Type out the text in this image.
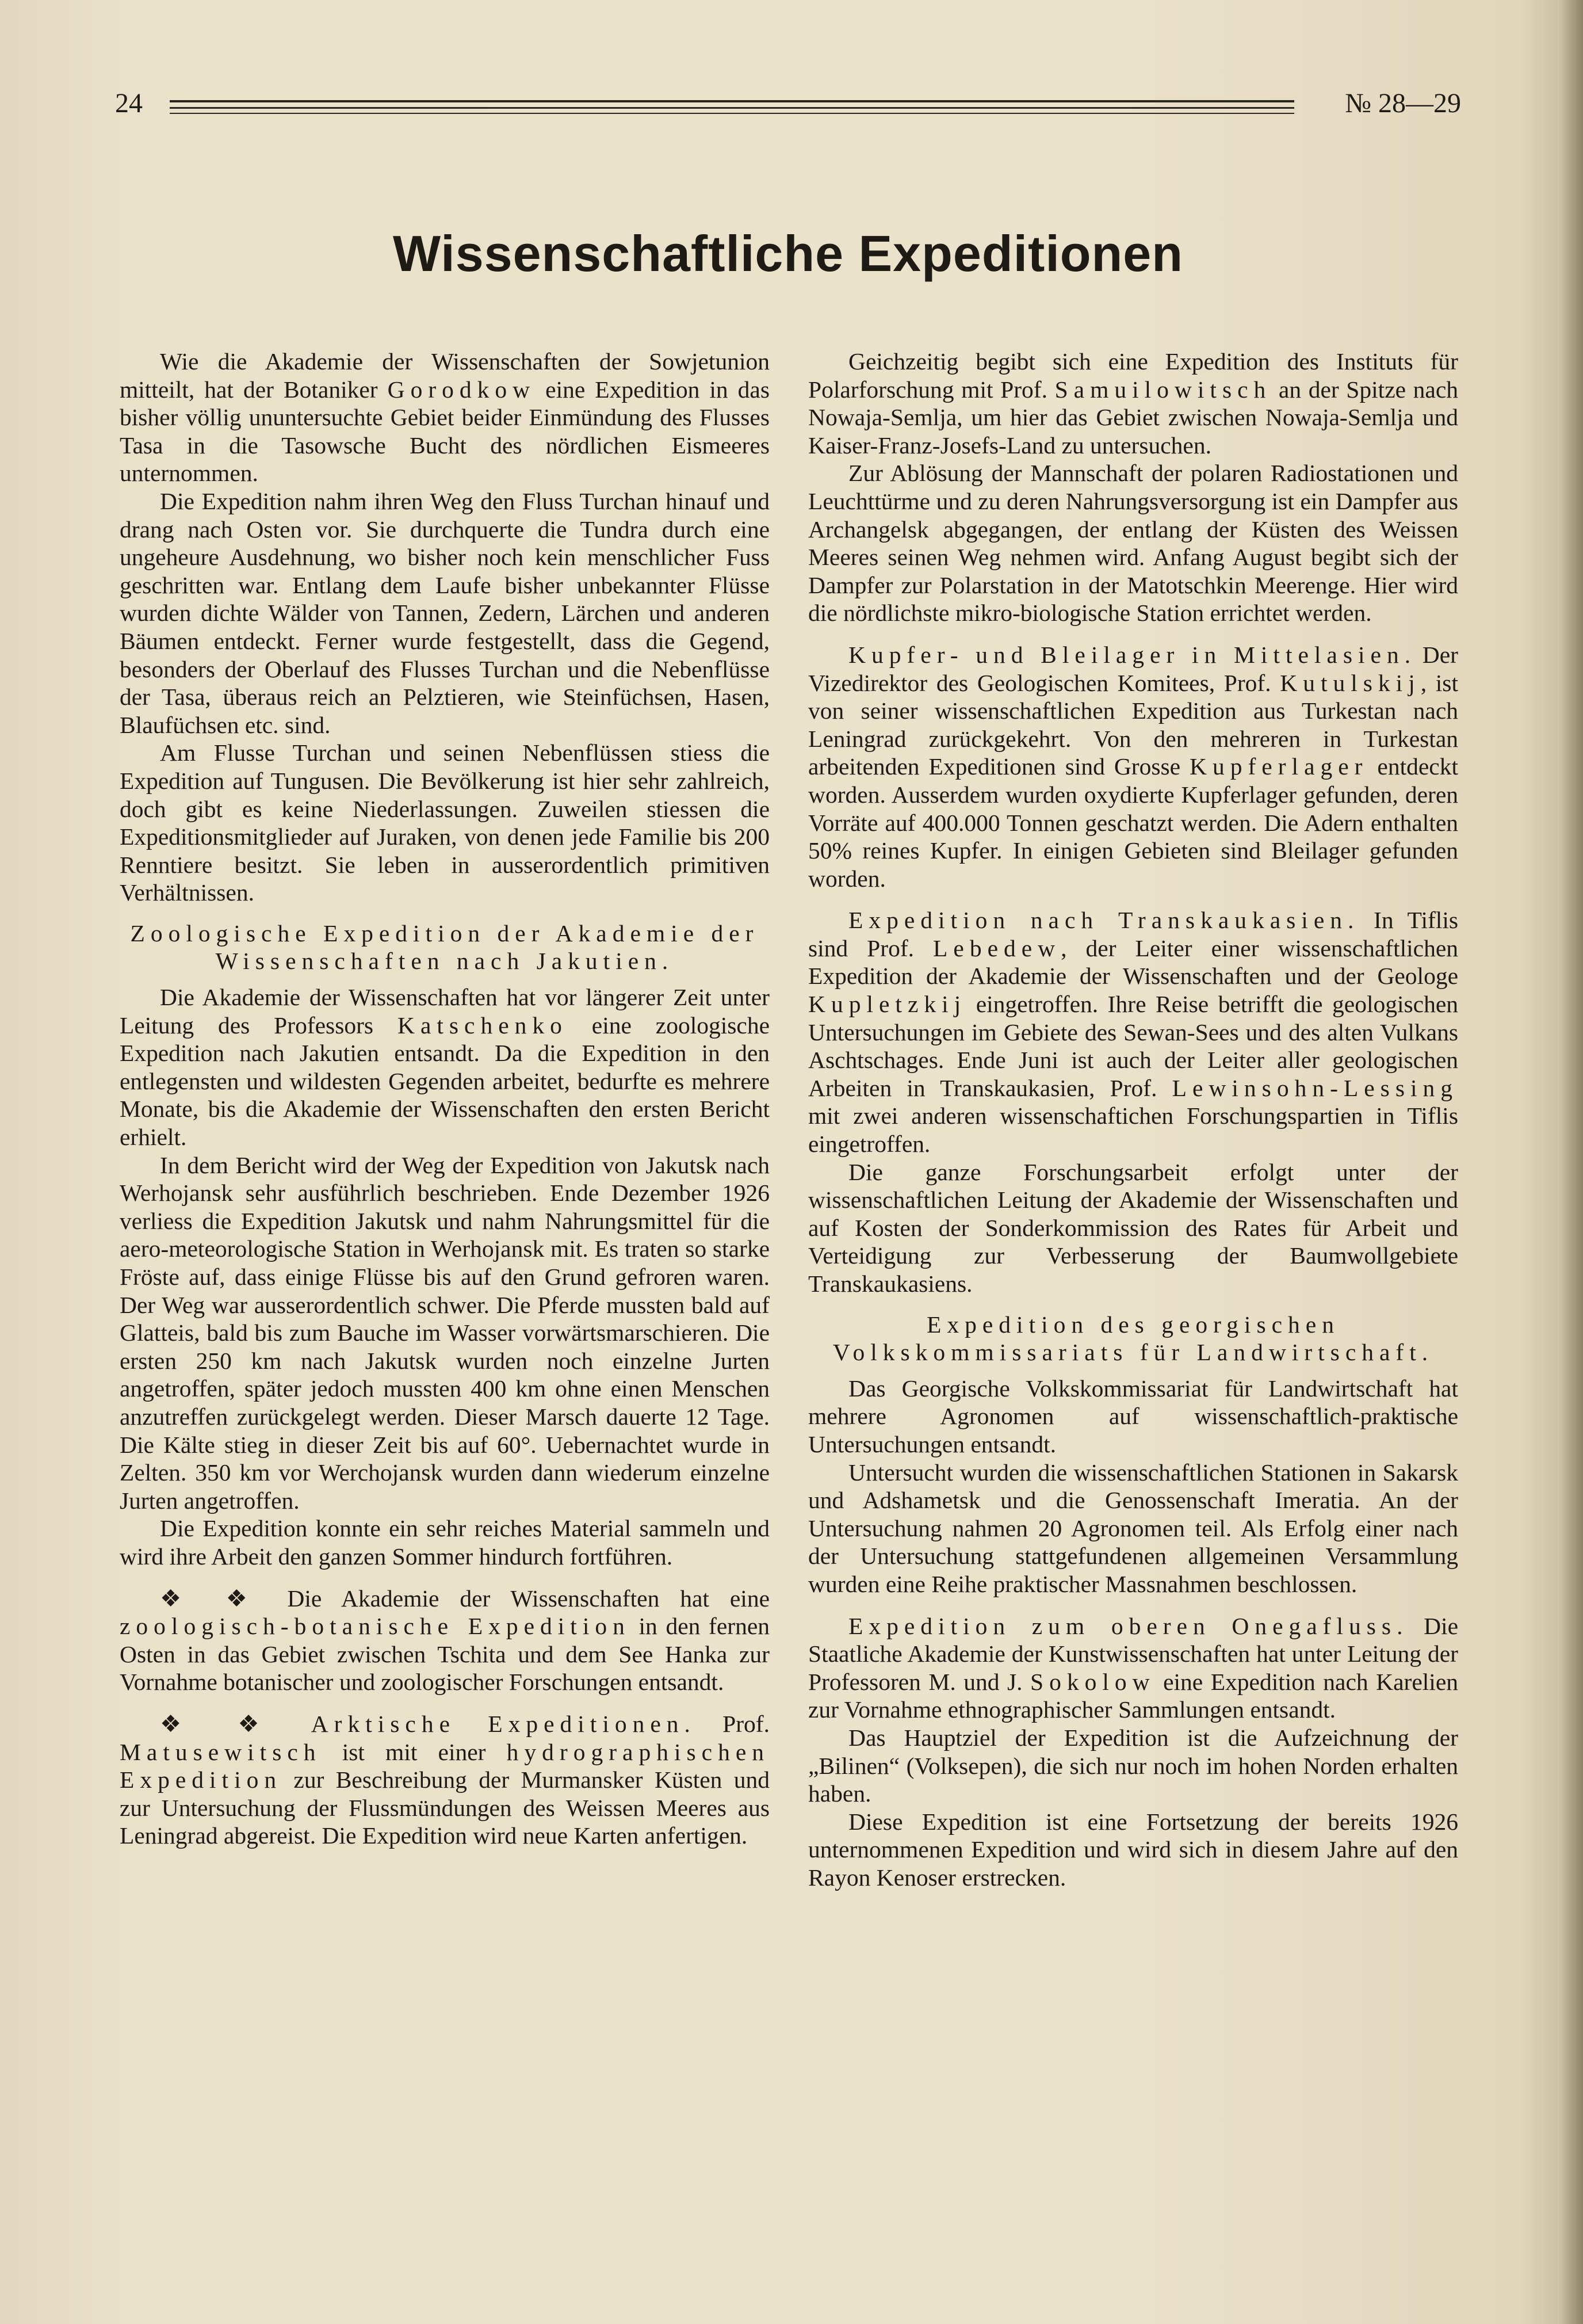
24	№ 28—29
Wissenschaftliche Expeditionen

Wie die Akademie der Wissenschaften der Sowjetunion mitteilt, hat der Botaniker Gorodkow eine Expedition in das bisher völlig ununtersuchte Gebiet beider Einmündung des Flusses Tasa in die Tasowsche Bucht des nördlichen Eismeeres unternommen.

Die Expedition nahm ihren Weg den Fluss Turchan hinauf und drang nach Osten vor. Sie durchquerte die Tundra durch eine ungeheure Ausdehnung, wo bisher noch kein menschlicher Fuss geschritten war. Entlang dem Laufe bisher unbekannter Flüsse wurden dichte Wälder von Tannen, Zedern, Lärchen und anderen Bäumen entdeckt. Ferner wurde festgestellt, dass die Gegend, besonders der Oberlauf des Flusses Turchan und die Nebenflüsse der Tasa, überaus reich an Pelztieren, wie Steinfüchsen, Hasen, Blaufüchsen etc. sind.

Am Flusse Turchan und seinen Nebenflüssen stiess die Expedition auf Tungusen. Die Bevölkerung ist hier sehr zahlreich, doch gibt es keine Niederlassungen. Zuweilen stiessen die Expeditionsmitglieder auf Juraken, von denen jede Familie bis 200 Renntiere besitzt. Sie leben in ausserordentlich primitiven Verhältnissen.

Zoologische Expedition der Akademie der Wissenschaften nach Jakutien.

Die Akademie der Wissenschaften hat vor längerer Zeit unter Leitung des Professors Katschenko eine zoologische Expedition nach Jakutien entsandt. Da die Expedition in den entlegensten und wildesten Gegenden arbeitet, bedurfte es mehrere Monate, bis die Akademie der Wissenschaften den ersten Bericht erhielt.

In dem Bericht wird der Weg der Expedition von Jakutsk nach Werhojansk sehr ausführlich beschrieben. Ende Dezember 1926 verliess die Expedition Jakutsk und nahm Nahrungsmittel für die aero-meteorologische Station in Werhojansk mit. Es traten so starke Fröste auf, dass einige Flüsse bis auf den Grund gefroren waren. Der Weg war ausserordentlich schwer. Die Pferde mussten bald auf Glatteis, bald bis zum Bauche im Wasser vorwärtsmarschieren. Die ersten 250 km nach Jakutsk wurden noch einzelne Jurten angetroffen, später jedoch mussten 400 km ohne einen Menschen anzutreffen zurückgelegt werden. Dieser Marsch dauerte 12 Tage. Die Kälte stieg in dieser Zeit bis auf 60°. Uebernachtet wurde in Zelten. 350 km vor Werchojansk wurden dann wiederum einzelne Jurten angetroffen.

Die Expedition konnte ein sehr reiches Material sammeln und wird ihre Arbeit den ganzen Sommer hindurch fortführen.

❖ ❖ Die Akademie der Wissenschaften hat eine zoologisch-botanische Expedition in den fernen Osten in das Gebiet zwischen Tschita und dem See Hanka zur Vornahme botanischer und zoologischer Forschungen entsandt.

❖ ❖ Arktische Expeditionen. Prof. Matusewitsch ist mit einer hydrographischen Expedition zur Beschreibung der Murmansker Küsten und zur Untersuchung der Flussmündungen des Weissen Meeres aus Leningrad abgereist. Die Expedition wird neue Karten anfertigen.

Geichzeitig begibt sich eine Expedition des Instituts für Polarforschung mit Prof. Samuilowitsch an der Spitze nach Nowaja-Semlja, um hier das Gebiet zwischen Nowaja-Semlja und Kaiser-Franz-Josefs-Land zu untersuchen.

Zur Ablösung der Mannschaft der polaren Radiostationen und Leuchttürme und zu deren Nahrungsversorgung ist ein Dampfer aus Archangelsk abgegangen, der entlang der Küsten des Weissen Meeres seinen Weg nehmen wird. Anfang August begibt sich der Dampfer zur Polarstation in der Matotschkin Meerenge. Hier wird die nördlichste mikro-biologische Station errichtet werden.

Kupfer- und Bleilager in Mittelasien. Der Vizedirektor des Geologischen Komitees, Prof. Kutulskij, ist von seiner wissenschaftlichen Expedition aus Turkestan nach Leningrad zurückgekehrt. Von den mehreren in Turkestan arbeitenden Expeditionen sind Grosse Kupferlager entdeckt worden. Ausserdem wurden oxydierte Kupferlager gefunden, deren Vorräte auf 400.000 Tonnen geschatzt werden. Die Adern enthalten 50% reines Kupfer. In einigen Gebieten sind Bleilager gefunden worden.

Expedition nach Transkaukasien. In Tiflis sind Prof. Lebedew, der Leiter einer wissenschaftlichen Expedition der Akademie der Wissenschaften und der Geologe Kupletzkij eingetroffen. Ihre Reise betrifft die geologischen Untersuchungen im Gebiete des Sewan-Sees und des alten Vulkans Aschtschages. Ende Juni ist auch der Leiter aller geologischen Arbeiten in Transkaukasien, Prof. Lewinsohn-Lessing mit zwei anderen wissenschaftichen Forschungspartien in Tiflis eingetroffen.

Die ganze Forschungsarbeit erfolgt unter der wissenschaftlichen Leitung der Akademie der Wissenschaften und auf Kosten der Sonderkommission des Rates für Arbeit und Verteidigung zur Verbesserung der Baumwollgebiete Transkaukasiens.

Expedition des georgischen Volkskommissariats für Landwirtschaft.

Das Georgische Volkskommissariat für Landwirtschaft hat mehrere Agronomen auf wissenschaftlich-praktische Untersuchungen entsandt.

Untersucht wurden die wissenschaftlichen Stationen in Sakarsk und Adshametsk und die Genossenschaft Imeratia. An der Untersuchung nahmen 20 Agronomen teil. Als Erfolg einer nach der Untersuchung stattgefundenen allgemeinen Versammlung wurden eine Reihe praktischer Massnahmen beschlossen.

Expedition zum oberen Onegafluss. Die Staatliche Akademie der Kunstwissenschaften hat unter Leitung der Professoren M. und J. Sokolow eine Expedition nach Karelien zur Vornahme ethnographischer Sammlungen entsandt.

Das Hauptziel der Expedition ist die Aufzeichnung der „Bilinen“ (Volksepen), die sich nur noch im hohen Norden erhalten haben.

Diese Expedition ist eine Fortsetzung der bereits 1926 unternommenen Expedition und wird sich in diesem Jahre auf den Rayon Kenoser erstrecken.
